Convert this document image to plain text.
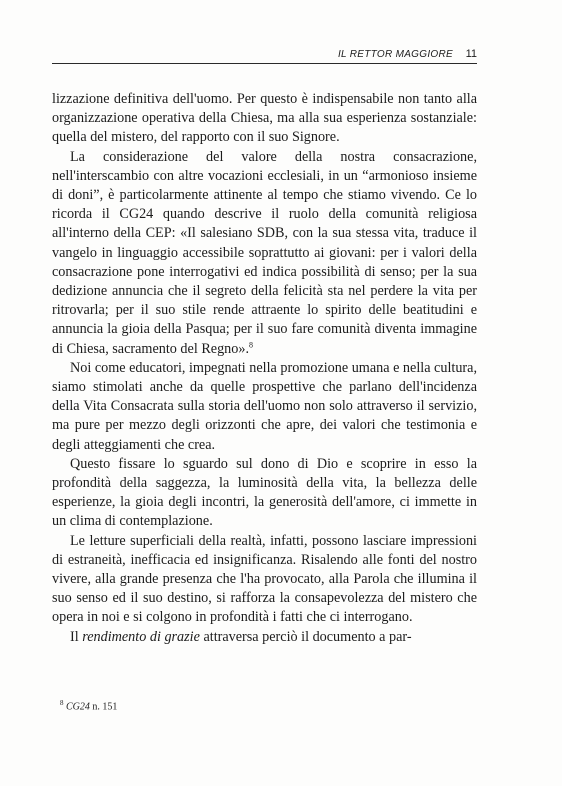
IL RETTOR MAGGIORE 11

lizzazione definitiva dell'uomo. Per questo è indispensabile non tanto alla organizzazione operativa della Chiesa, ma alla sua esperienza sostanziale: quella del mistero, del rapporto con il suo Signore.

La considerazione del valore della nostra consacrazione, nell'interscambio con altre vocazioni ecclesiali, in un “armonioso insieme di doni”, è particolarmente attinente al tempo che stiamo vivendo. Ce lo ricorda il CG24 quando descrive il ruolo della comunità religiosa all'interno della CEP: «Il salesiano SDB, con la sua stessa vita, traduce il vangelo in linguaggio accessibile soprattutto ai giovani: per i valori della consacrazione pone interrogativi ed indica possibilità di senso; per la sua dedizione annuncia che il segreto della felicità sta nel perdere la vita per ritrovarla; per il suo stile rende attraente lo spirito delle beatitudini e annuncia la gioia della Pasqua; per il suo fare comunità diventa immagine di Chiesa, sacramento del Regno».$^8$

Noi come educatori, impegnati nella promozione umana e nella cultura, siamo stimolati anche da quelle prospettive che parlano dell'incidenza della Vita Consacrata sulla storia dell'uomo non solo attraverso il servizio, ma pure per mezzo degli orizzonti che apre, dei valori che testimonia e degli atteggiamenti che crea.

Questo fissare lo sguardo sul dono di Dio e scoprire in esso la profondità della saggezza, la luminosità della vita, la bellezza delle esperienze, la gioia degli incontri, la generosità dell'amore, ci immette in un clima di contemplazione.

Le letture superficiali della realtà, infatti, possono lasciare impressioni di estraneità, inefficacia ed insignificanza. Risalendo alle fonti del nostro vivere, alla grande presenza che l'ha provocato, alla Parola che illumina il suo senso ed il suo destino, si rafforza la consapevolezza del mistero che opera in noi e si colgono in profondità i fatti che ci interrogano.

Il rendimento di grazie attraversa perciò il documento a par-

$^8$ CG24 n. 151
